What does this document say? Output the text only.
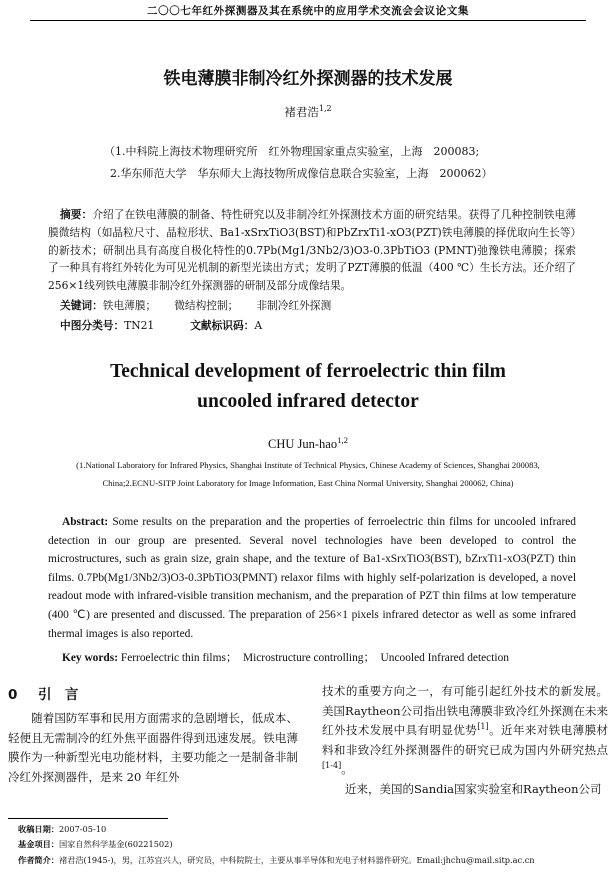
二〇〇七年红外探测器及其在系统中的应用学术交流会会议论文集
铁电薄膜非制冷红外探测器的技术发展
褚君浩$^{1,2}$
（1.中科院上海技术物理研究所　红外物理国家重点实验室，上海　200083;
2.华东师范大学　华东师大上海技物所成像信息联合实验室，上海　200062）
摘要：介绍了在铁电薄膜的制备、特性研究以及非制冷红外探测技术方面的研究结果。获得了几种控制铁电薄膜微结构（如晶粒尺寸、晶粒形状、Ba1-xSrxTiO3(BST)和PbZrxTi1-xO3(PZT)铁电薄膜的择优取向生长等）的新技术；研制出具有高度自极化特性的0.7Pb(Mg1/3Nb2/3)O3-0.3PbTiO3 (PMNT)弛豫铁电薄膜；探索了一种具有将红外转化为可见光机制的新型光读出方式；发明了PZT薄膜的低温（400 ℃）生长方法。还介绍了256×1线列铁电薄膜非制冷红外探测器的研制及部分成像结果。
关键词：铁电薄膜； 微结构控制； 非制冷红外探测
中图分类号：TN21	文献标识码：A
Technical development of ferroelectric thin film
uncooled infrared detector
CHU Jun-hao$^{1,2}$
(1.National Laboratory for Infrared Physics, Shanghai Institute of Technical Physics, Chinese Academy of Sciences, Shanghai 200083,
China;2.ECNU-SITP Joint Laboratory for Image Information, East China Normal University, Shanghai 200062, China)
Abstract: Some results on the preparation and the properties of ferroelectric thin films for uncooled infrared detection in our group are presented. Several novel technologies have been developed to control the microstructures, such as grain size, grain shape, and the texture of Ba1-xSrxTiO3(BST), bZrxTi1-xO3(PZT) thin films. 0.7Pb(Mg1/3Nb2/3)O3-0.3PbTiO3(PMNT) relaxor films with highly self-polarization is developed, a novel readout mode with infrared-visible transition mechanism, and the preparation of PZT thin films at low temperature (400 ℃) are presented and discussed. The preparation of 256×1 pixels infrared detector as well as some infrared thermal images is also reported.
Key words: Ferroelectric thin films；　Microstructure controlling；　Uncooled Infrared detection
0 引　言
随着国防军事和民用方面需求的急剧增长，低成本、轻便且无需制冷的红外焦平面器件得到迅速发展。铁电薄膜作为一种新型光电功能材料，主要功能之一是制备非制冷红外探测器件，是来 20 年红外
技术的重要方向之一，有可能引起红外技术的新发展。美国Raytheon公司指出铁电薄膜非致冷红外探测在未来红外技术发展中具有明显优势[1]。近年来对铁电薄膜材料和非致冷红外探测器件的研究已成为国内外研究热点[1-4]。
近来，美国的Sandia国家实验室和Raytheon公司
收稿日期：2007-05-10
基金项目：国家自然科学基金(60221502)
作者简介：褚君浩(1945-)，男，江苏宜兴人，研究员，中科院院士，主要从事半导体和光电子材料器件研究。Email:jhchu@mail.sitp.ac.cn
